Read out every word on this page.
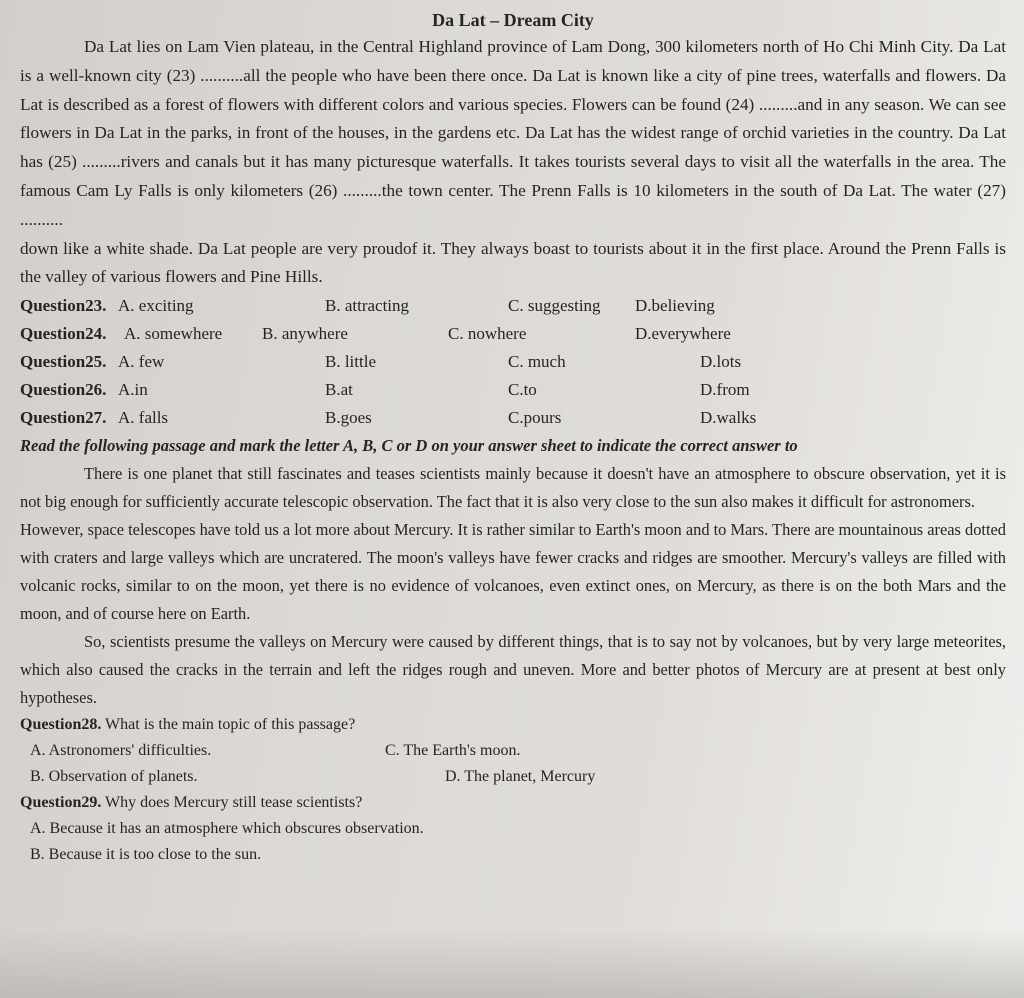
Da Lat – Dream City

Da Lat lies on Lam Vien plateau, in the Central Highland province of Lam Dong, 300 kilometers north of Ho Chi Minh City. Da Lat is a well-known city (23) ..........all the people who have been there once. Da Lat is known like a city of pine trees, waterfalls and flowers. Da Lat is described as a forest of flowers with different colors and various species. Flowers can be found (24) .........and in any season. We can see flowers in Da Lat in the parks, in front of the houses, in the gardens etc. Da Lat has the widest range of orchid varieties in the country. Da Lat has (25) .........rivers and canals but it has many picturesque waterfalls. It takes tourists several days to visit all the waterfalls in the area. The famous Cam Ly Falls is only kilometers (26) .........the town center. The Prenn Falls is 10 kilometers in the south of Da Lat. The water (27) ..........

down like a white shade. Da Lat people are very proudof it. They always boast to tourists about it in the first place. Around the Prenn Falls is the valley of various flowers and Pine Hills.

Question23. A. exciting	B. attracting	C. suggesting D.believing
Question24. A. somewhere B. anywhere	C. nowhere	D.everywhere
Question25. A. few	B. little	C. much	D.lots
Question26. A.in	B.at	C.to	D.from
Question27. A. falls	B.goes	C.pours	D.walks

Read the following passage and mark the letter A, B, C or D on your answer sheet to indicate the correct answer to

There is one planet that still fascinates and teases scientists mainly because it doesn't have an atmosphere to obscure observation, yet it is not big enough for sufficiently accurate telescopic observation. The fact that it is also very close to the sun also makes it difficult for astronomers.

However, space telescopes have told us a lot more about Mercury. It is rather similar to Earth's moon and to Mars. There are mountainous areas dotted with craters and large valleys which are uncratered. The moon's valleys have fewer cracks and ridges are smoother. Mercury's valleys are filled with volcanic rocks, similar to on the moon, yet there is no evidence of volcanoes, even extinct ones, on Mercury, as there is on the both Mars and the moon, and of course here on Earth.

So, scientists presume the valleys on Mercury were caused by different things, that is to say not by volcanoes, but by very large meteorites, which also caused the cracks in the terrain and left the ridges rough and uneven. More and better photos of Mercury are at present at best only hypotheses.

Question28. What is the main topic of this passage?
A. Astronomers' difficulties.	C. The Earth's moon.
B. Observation of planets.	D. The planet, Mercury
Question29. Why does Mercury still tease scientists?
A. Because it has an atmosphere which obscures observation.
B. Because it is too close to the sun.
